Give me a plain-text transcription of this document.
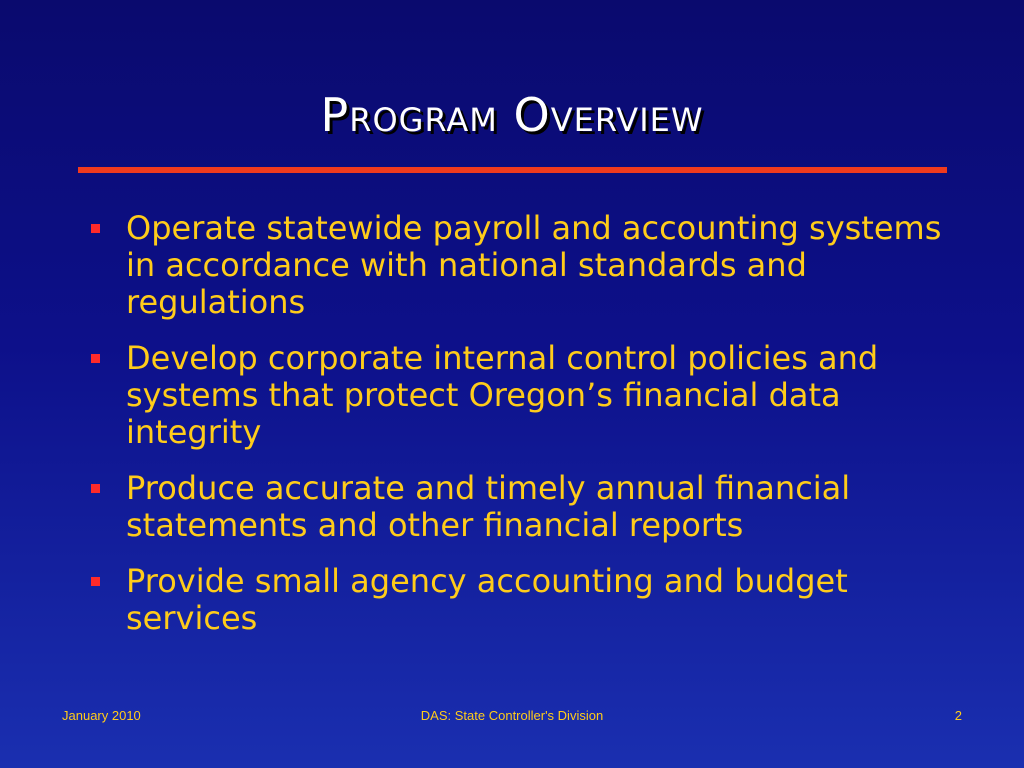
Program Overview
Operate statewide payroll and accounting systems in accordance with national standards and regulations
Develop corporate internal control policies and systems that protect Oregon’s financial data integrity
Produce accurate and timely annual financial statements and other financial reports
Provide small agency accounting and budget services
January 2010	DAS: State Controller's Division	2
